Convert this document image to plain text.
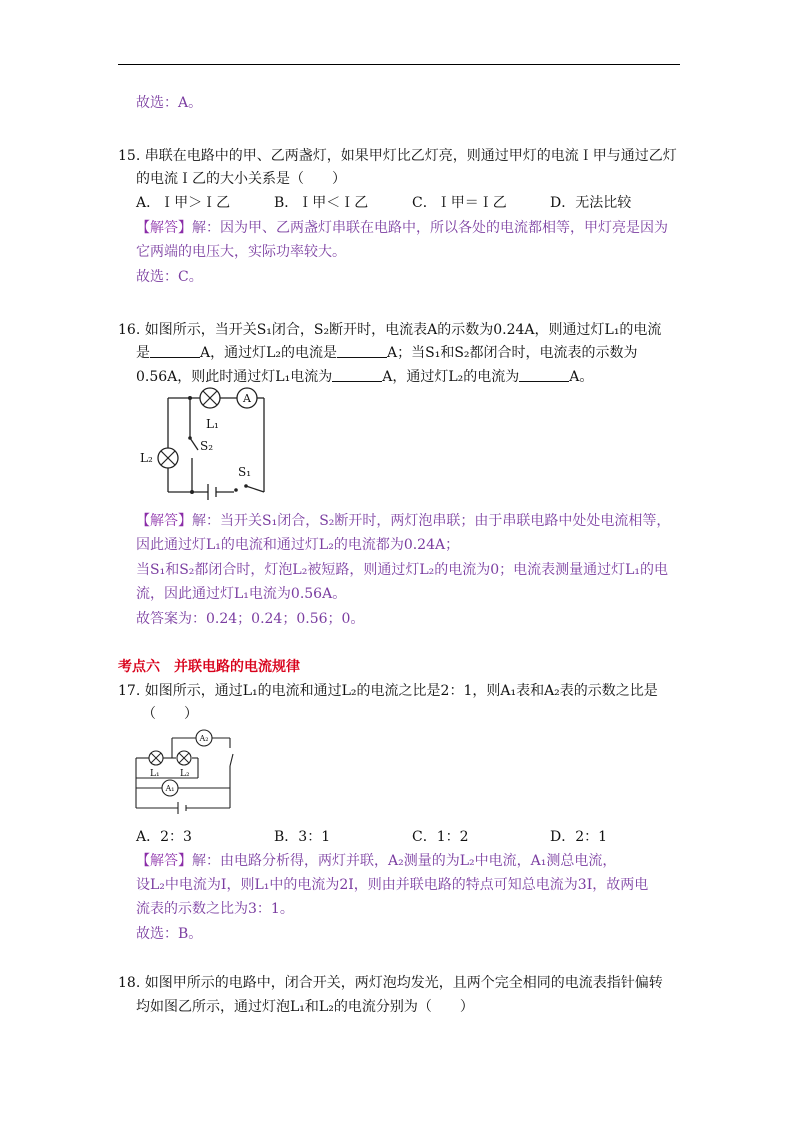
故选：A。
15. 串联在电路中的甲、乙两盏灯，如果甲灯比乙灯亮，则通过甲灯的电流Ｉ甲与通过乙灯
的电流Ｉ乙的大小关系是（　　）
A．Ｉ甲＞Ｉ乙	B．Ｉ甲＜Ｉ乙	C．Ｉ甲＝Ｉ乙	D．无法比较
【解答】解：因为甲、乙两盏灯串联在电路中，所以各处的电流都相等，甲灯亮是因为
它两端的电压大，实际功率较大。
故选：C。
16. 如图所示，当开关S₁闭合，S₂断开时，电流表A的示数为0.24A，则通过灯L₁的电流
是	A，通过灯L₂的电流是	A；当S₁和S₂都闭合时，电流表的示数为
0.56A，则此时通过灯L₁电流为	A，通过灯L₂的电流为	A。
A
L₁
L₂
S₂
S₁
【解答】解：当开关S₁闭合，S₂断开时，两灯泡串联；由于串联电路中处处电流相等，
因此通过灯L₁的电流和通过灯L₂的电流都为0.24A；
当S₁和S₂都闭合时，灯泡L₂被短路，则通过灯L₂的电流为0；电流表测量通过灯L₁的电
流，因此通过灯L₁电流为0.56A。
故答案为：0.24；0.24；0.56；0。
考点六　并联电路的电流规律
17. 如图所示，通过L₁的电流和通过L₂的电流之比是2：1，则A₁表和A₂表的示数之比是
（　　）
A₂
A₁
L₁ L₂
A．2：3	B．3：1	C．1：2	D．2：1
【解答】解：由电路分析得，两灯并联，A₂测量的为L₂中电流，A₁测总电流，
设L₂中电流为I，则L₁中的电流为2I，则由并联电路的特点可知总电流为3I，故两电
流表的示数之比为3：1。
故选：B。
18. 如图甲所示的电路中，闭合开关，两灯泡均发光，且两个完全相同的电流表指针偏转
均如图乙所示，通过灯泡L₁和L₂的电流分别为（　　）
